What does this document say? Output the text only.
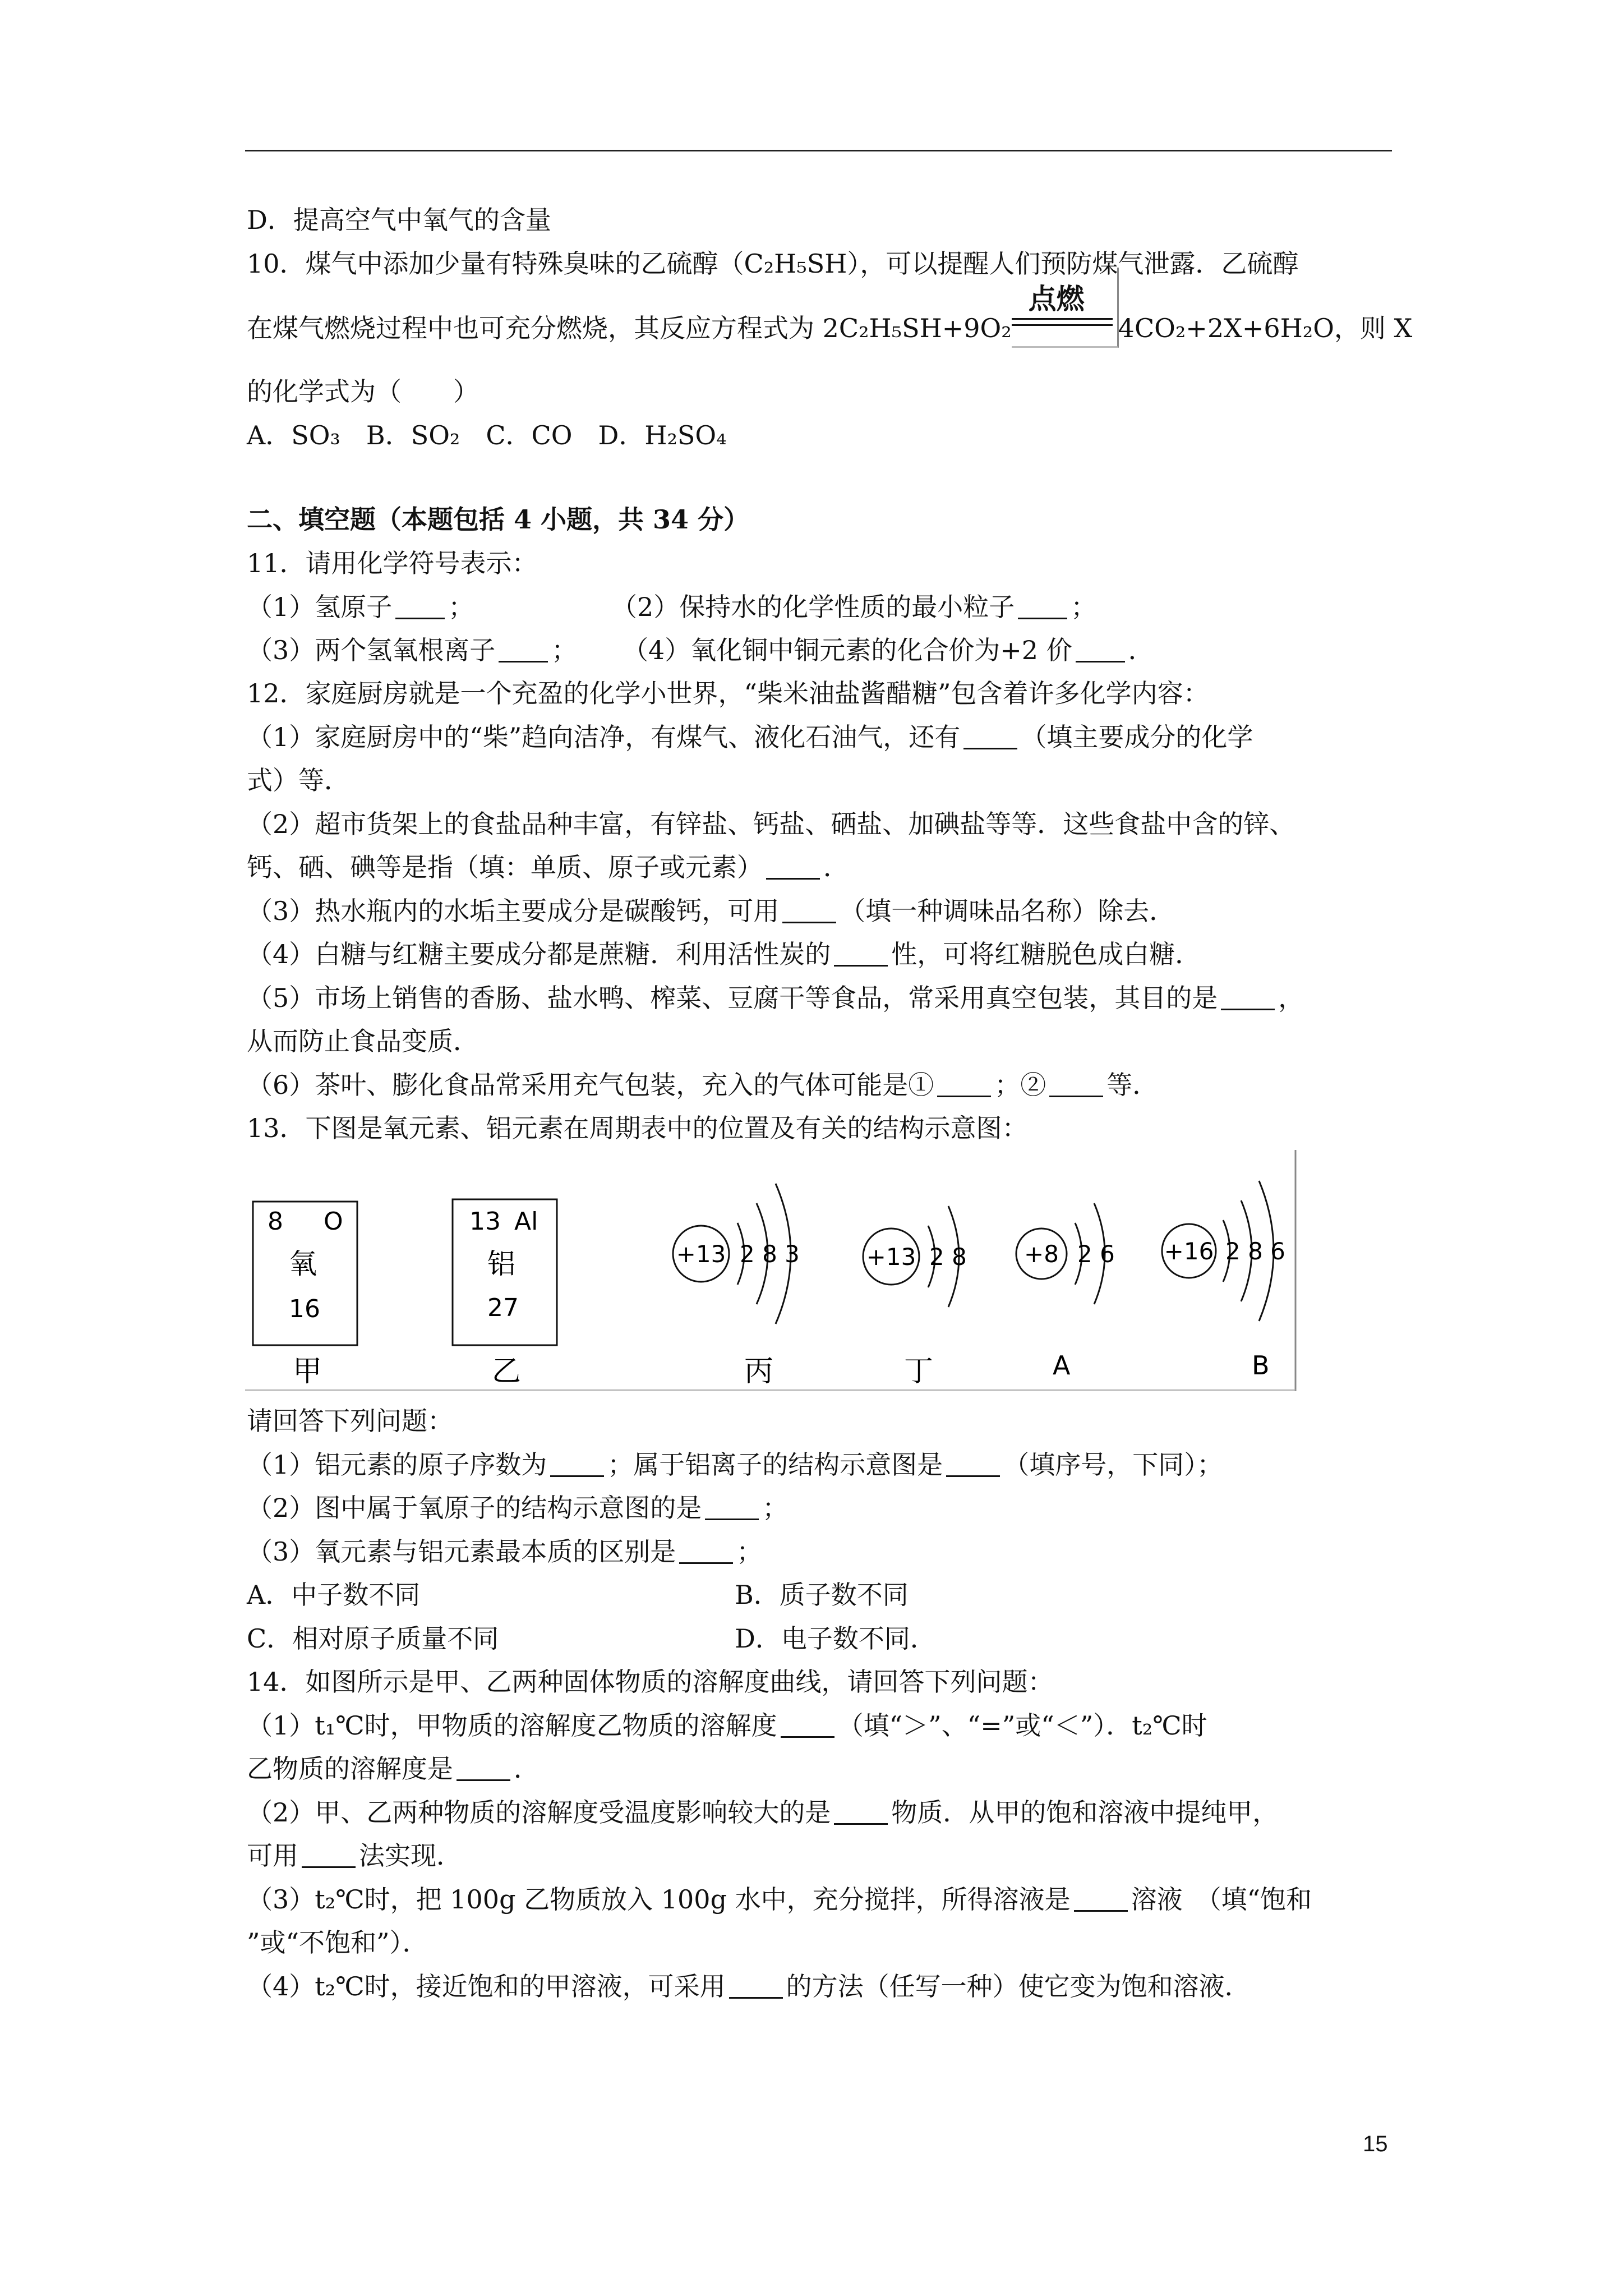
D．提高空气中氧气的含量
10．煤气中添加少量有特殊臭味的乙硫醇（C₂H₅SH），可以提醒人们预防煤气泄露．乙硫醇
在煤气燃烧过程中也可充分燃烧，其反应方程式为 2C₂H₅SH+9O₂
点燃
4CO₂+2X+6H₂O，则 X
的化学式为（　　）
A．SO₃　B．SO₂　C．CO　D．H₂SO₄
二、填空题（本题包括 4 小题，共 34 分）
11．请用化学符号表示：
（1）氢原子 ；	（2）保持水的化学性质的最小粒子 ；
（3）两个氢氧根离子 ； （4）氧化铜中铜元素的化合价为+2 价 ．
12．家庭厨房就是一个充盈的化学小世界，“柴米油盐酱醋糖”包含着许多化学内容：
（1）家庭厨房中的“柴”趋向洁净，有煤气、液化石油气，还有 （填主要成分的化学
式）等．
（2）超市货架上的食盐品种丰富，有锌盐、钙盐、硒盐、加碘盐等等．这些食盐中含的锌、
钙、硒、碘等是指（填：单质、原子或元素） ．
（3）热水瓶内的水垢主要成分是碳酸钙，可用 （填一种调味品名称）除去．
（4）白糖与红糖主要成分都是蔗糖．利用活性炭的 性，可将红糖脱色成白糖．
（5）市场上销售的香肠、盐水鸭、榨菜、豆腐干等食品，常采用真空包装，其目的是 ，
从而防止食品变质．
（6）茶叶、膨化食品常采用充气包装，充入的气体可能是① ；② 等．
13．下图是氧元素、铝元素在周期表中的位置及有关的结构示意图：
8 O
氧
16
甲
13 Al
铝
27
乙
+13 2 8 3
丙
+13 2 8
丁
+8 2 6
A
+16 2 8 6
B
请回答下列问题：
（1）铝元素的原子序数为 ；属于铝离子的结构示意图是 （填序号，下同）；
（2）图中属于氧原子的结构示意图的是 ；
（3）氧元素与铝元素最本质的区别是 ；
A．中子数不同	B．质子数不同
C．相对原子质量不同	D．电子数不同．
14．如图所示是甲、乙两种固体物质的溶解度曲线，请回答下列问题：
（1）t₁℃时，甲物质的溶解度乙物质的溶解度 （填“＞”、“=”或“＜”）．t₂℃时
乙物质的溶解度是 ．
（2）甲、乙两种物质的溶解度受温度影响较大的是 物质．从甲的饱和溶液中提纯甲，
可用 法实现．
（3）t₂℃时，把 100g 乙物质放入 100g 水中，充分搅拌，所得溶液是 溶液　（填“饱和
”或“不饱和”）．
（4）t₂℃时，接近饱和的甲溶液，可采用 的方法（任写一种）使它变为饱和溶液．
15
